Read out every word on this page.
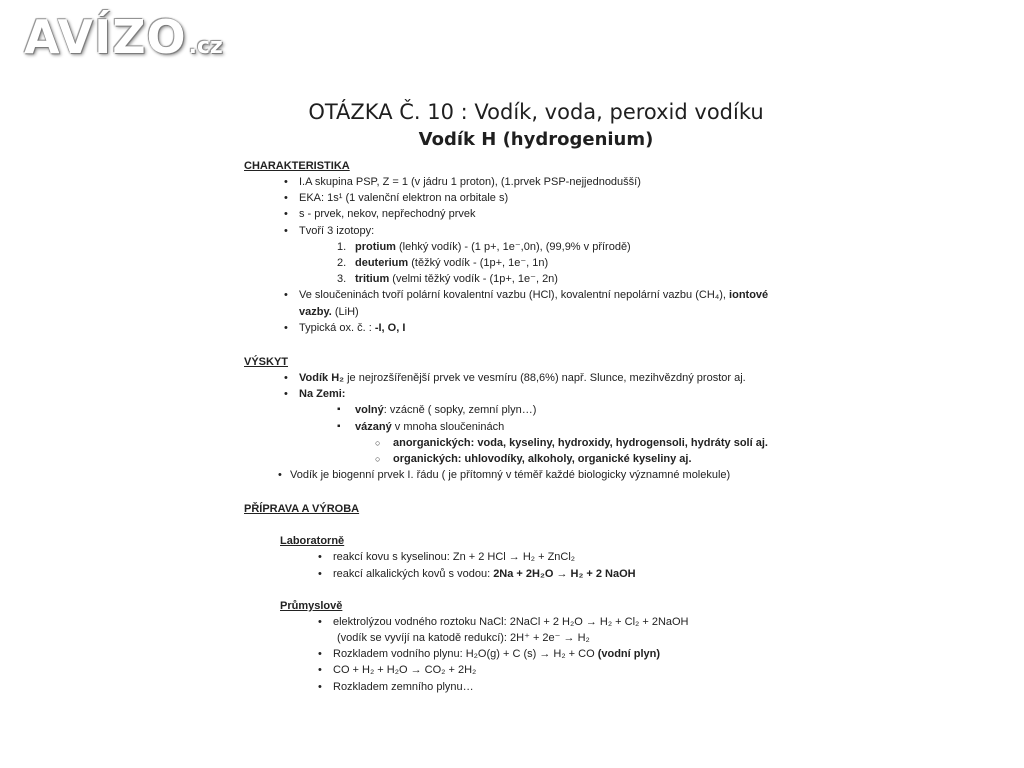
AVÍZO.cz
OTÁZKA Č. 10 : Vodík, voda, peroxid vodíku
Vodík H (hydrogenium)
CHARAKTERISTIKA
• I.A skupina PSP, Z = 1 (v jádru 1 proton), (1.prvek PSP-nejjednodušší)
• EKA: 1s¹ (1 valenční elektron na orbitale s)
• s - prvek, nekov, nepřechodný prvek
• Tvoří 3 izotopy:
1. protium (lehký vodík) - (1 p+, 1e⁻,0n), (99,9% v přírodě)
2. deuterium (těžký vodík - (1p+, 1e⁻, 1n)
3. tritium (velmi těžký vodík - (1p+, 1e⁻, 2n)
• Ve sloučeninách tvoří polární kovalentní vazbu (HCl), kovalentní nepolární vazbu (CH₄), iontové vazby. (LiH)
• Typická ox. č. : -I, O, I
VÝSKYT
• Vodík H₂ je nejrozšířenější prvek ve vesmíru (88,6%) např. Slunce, mezihvězdný prostor aj.
• Na Zemi:
▪ volný: vzácně ( sopky, zemní plyn…)
▪ vázaný v mnoha sloučeninách
○ anorganických: voda, kyseliny, hydroxidy, hydrogensoli, hydráty solí aj.
○ organických: uhlovodíky, alkoholy, organické kyseliny aj.
• Vodík je biogenní prvek I. řádu ( je přítomný v téměř každé biologicky významné molekule)
PŘÍPRAVA A VÝROBA
Laboratorně
• reakcí kovu s kyselinou: Zn + 2 HCl → H₂ + ZnCl₂
• reakcí alkalických kovů s vodou: 2Na + 2H₂O → H₂ + 2 NaOH
Průmyslově
• elektrolýzou vodného roztoku NaCl: 2NaCl + 2 H₂O → H₂ + Cl₂ + 2NaOH
(vodík se vyvíjí na katodě redukcí): 2H⁺ + 2e⁻ → H₂
• Rozkladem vodního plynu: H₂O(g) + C (s) → H₂ + CO (vodní plyn)
• CO + H₂ + H₂O → CO₂ + 2H₂
• Rozkladem zemního plynu…
